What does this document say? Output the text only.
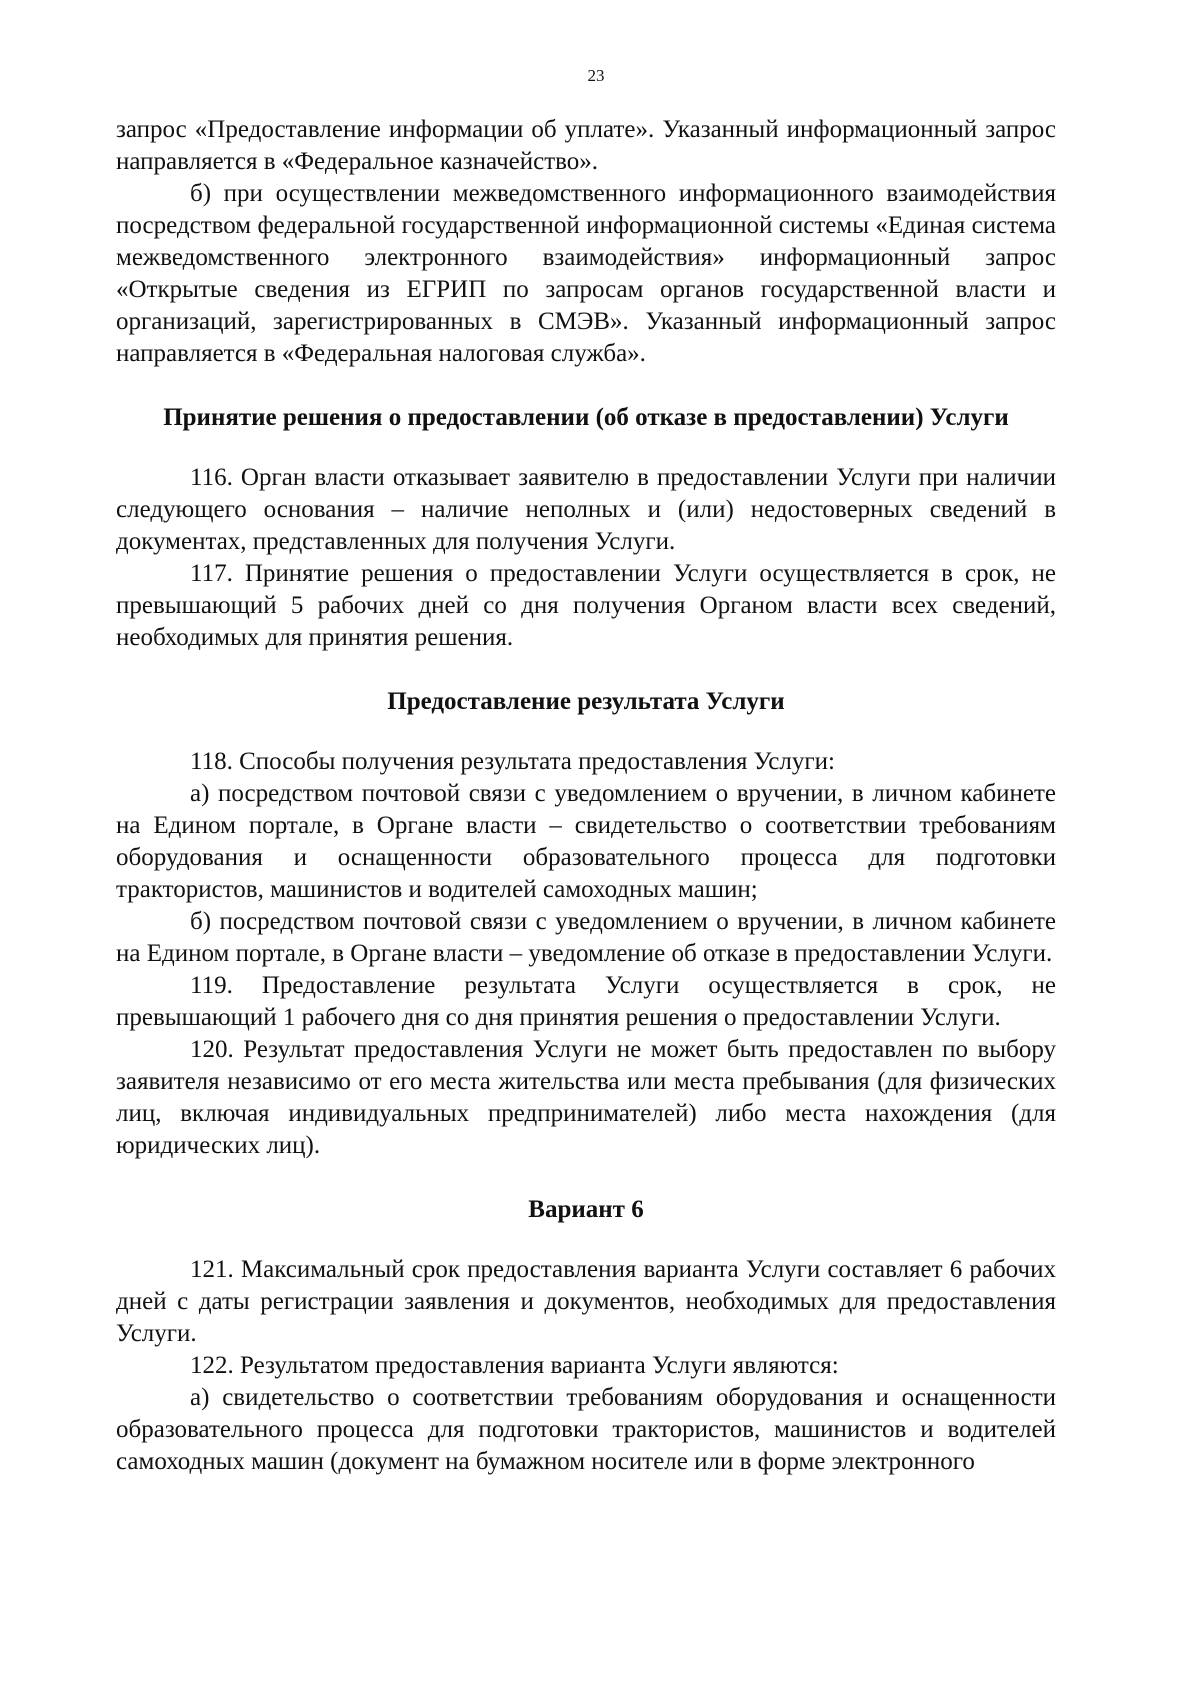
23

запрос «Предоставление информации об уплате». Указанный информационный запрос направляется в «Федеральное казначейство».

б) при осуществлении межведомственного информационного взаимодействия посредством федеральной государственной информационной системы «Единая система межведомственного электронного взаимодействия» информационный запрос «Открытые сведения из ЕГРИП по запросам органов государственной власти и организаций, зарегистрированных в СМЭВ». Указанный информационный запрос направляется в «Федеральная налоговая служба».

Принятие решения о предоставлении (об отказе в предоставлении) Услуги

116. Орган власти отказывает заявителю в предоставлении Услуги при наличии следующего основания – наличие неполных и (или) недостоверных сведений в документах, представленных для получения Услуги.

117. Принятие решения о предоставлении Услуги осуществляется в срок, не превышающий 5 рабочих дней со дня получения Органом власти всех сведений, необходимых для принятия решения.

Предоставление результата Услуги

118. Способы получения результата предоставления Услуги:

а) посредством почтовой связи с уведомлением о вручении, в личном кабинете на Едином портале, в Органе власти – свидетельство о соответствии требованиям оборудования и оснащенности образовательного процесса для подготовки трактористов, машинистов и водителей самоходных машин;

б) посредством почтовой связи с уведомлением о вручении, в личном кабинете на Едином портале, в Органе власти – уведомление об отказе в предоставлении Услуги.

119. Предоставление результата Услуги осуществляется в срок, не превышающий 1 рабочего дня со дня принятия решения о предоставлении Услуги.

120. Результат предоставления Услуги не может быть предоставлен по выбору заявителя независимо от его места жительства или места пребывания (для физических лиц, включая индивидуальных предпринимателей) либо места нахождения (для юридических лиц).

Вариант 6

121. Максимальный срок предоставления варианта Услуги составляет 6 рабочих дней с даты регистрации заявления и документов, необходимых для предоставления Услуги.

122. Результатом предоставления варианта Услуги являются:

а) свидетельство о соответствии требованиям оборудования и оснащенности образовательного процесса для подготовки трактористов, машинистов и водителей самоходных машин (документ на бумажном носителе или в форме электронного
